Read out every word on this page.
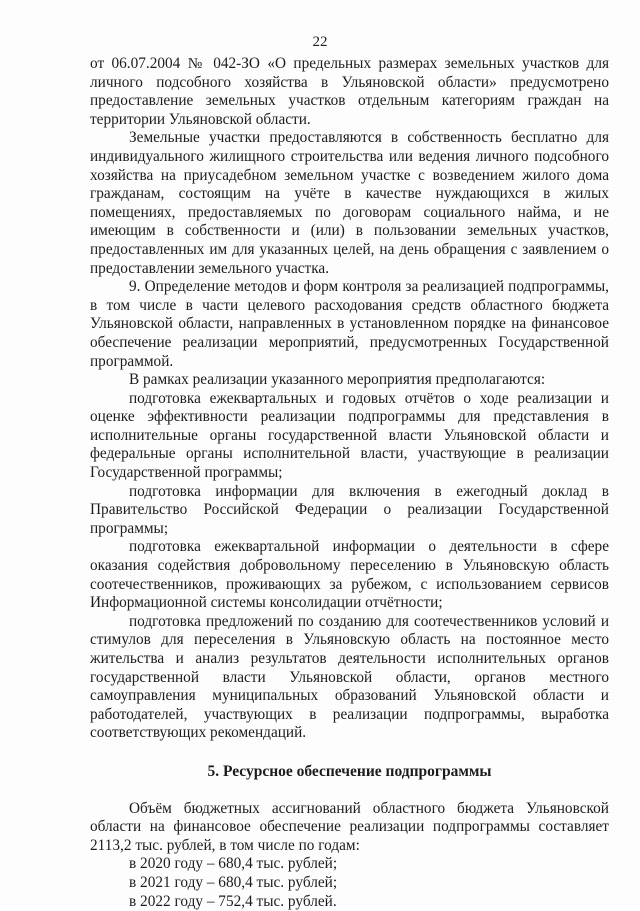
22

от 06.07.2004 № 042-ЗО «О предельных размерах земельных участков для личного подсобного хозяйства в Ульяновской области» предусмотрено предоставление земельных участков отдельным категориям граждан на территории Ульяновской области.

Земельные участки предоставляются в собственность бесплатно для индивидуального жилищного строительства или ведения личного подсобного хозяйства на приусадебном земельном участке с возведением жилого дома гражданам, состоящим на учёте в качестве нуждающихся в жилых помещениях, предоставляемых по договорам социального найма, и не имеющим в собственности и (или) в пользовании земельных участков, предоставленных им для указанных целей, на день обращения с заявлением о предоставлении земельного участка.

9. Определение методов и форм контроля за реализацией подпрограммы, в том числе в части целевого расходования средств областного бюджета Ульяновской области, направленных в установленном порядке на финансовое обеспечение реализации мероприятий, предусмотренных Государственной программой.

В рамках реализации указанного мероприятия предполагаются:

подготовка ежеквартальных и годовых отчётов о ходе реализации и оценке эффективности реализации подпрограммы для представления в исполнительные органы государственной власти Ульяновской области и федеральные органы исполнительной власти, участвующие в реализации Государственной программы;

подготовка информации для включения в ежегодный доклад в Правительство Российской Федерации о реализации Государственной программы;

подготовка ежеквартальной информации о деятельности в сфере оказания содействия добровольному переселению в Ульяновскую область соотечественников, проживающих за рубежом, с использованием сервисов Информационной системы консолидации отчётности;

подготовка предложений по созданию для соотечественников условий и стимулов для переселения в Ульяновскую область на постоянное место жительства и анализ результатов деятельности исполнительных органов государственной власти Ульяновской области, органов местного самоуправления муниципальных образований Ульяновской области и работодателей, участвующих в реализации подпрограммы, выработка соответствующих рекомендаций.

5. Ресурсное обеспечение подпрограммы

Объём бюджетных ассигнований областного бюджета Ульяновской области на финансовое обеспечение реализации подпрограммы составляет 2113,2 тыс. рублей, в том числе по годам:

в 2020 году – 680,4 тыс. рублей;

в 2021 году – 680,4 тыс. рублей;

в 2022 году – 752,4 тыс. рублей.
